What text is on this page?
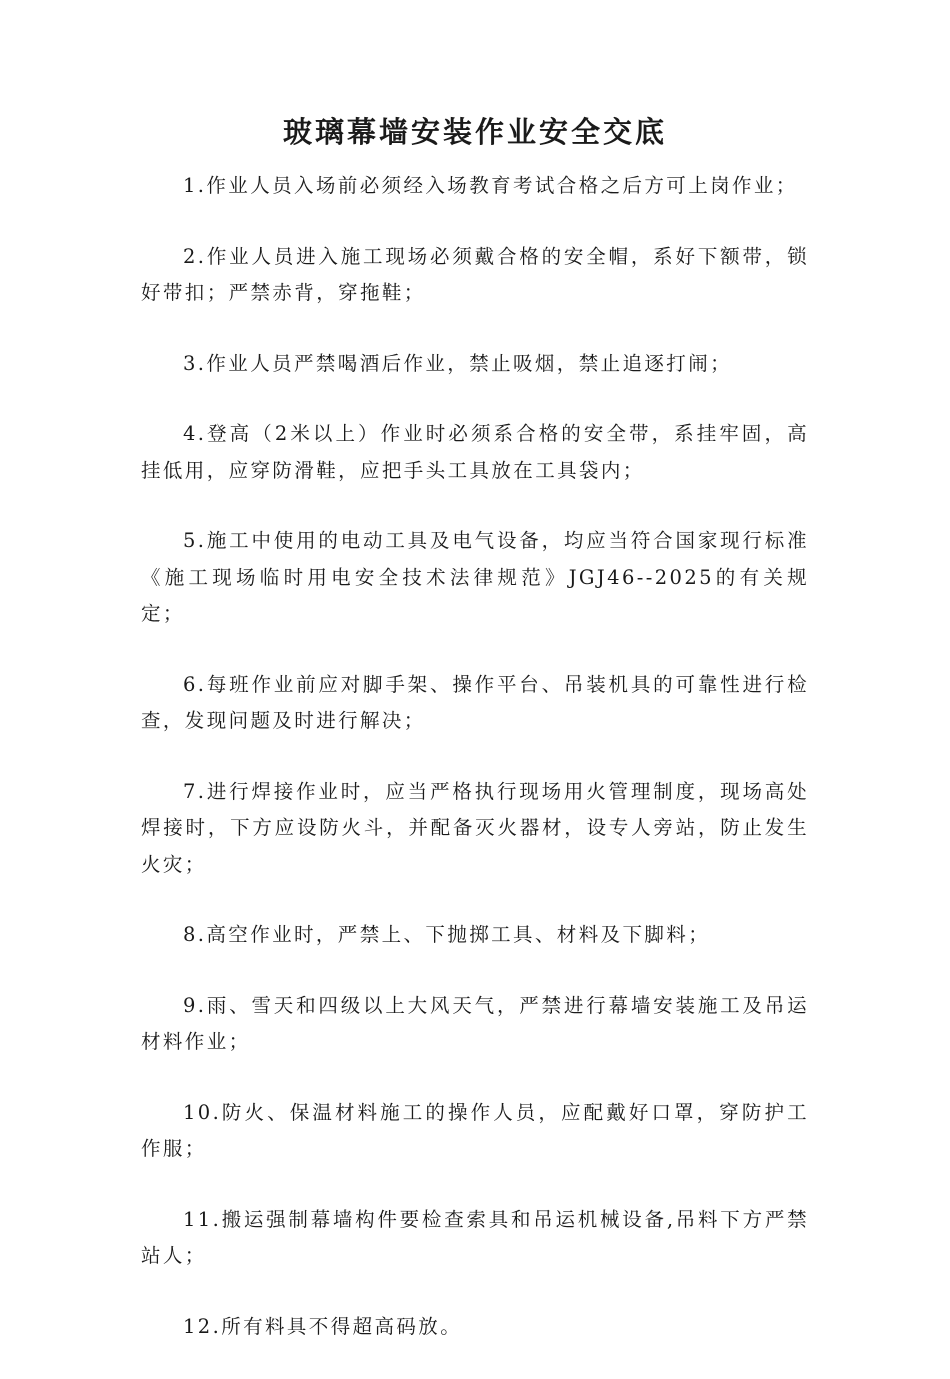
玻璃幕墙安装作业安全交底
1.作业人员入场前必须经入场教育考试合格之后方可上岗作业；
2.作业人员进入施工现场必须戴合格的安全帽，系好下额带，锁好带扣；严禁赤背，穿拖鞋；
3.作业人员严禁喝酒后作业，禁止吸烟，禁止追逐打闹；
4.登高（2米以上）作业时必须系合格的安全带，系挂牢固，高挂低用，应穿防滑鞋，应把手头工具放在工具袋内；
5.施工中使用的电动工具及电气设备，均应当符合国家现行标准《施工现场临时用电安全技术法律规范》JGJ46--2025的有关规定；
6.每班作业前应对脚手架、操作平台、吊装机具的可靠性进行检查，发现问题及时进行解决；
7.进行焊接作业时，应当严格执行现场用火管理制度，现场高处焊接时，下方应设防火斗，并配备灭火器材，设专人旁站，防止发生火灾；
8.高空作业时，严禁上、下抛掷工具、材料及下脚料；
9.雨、雪天和四级以上大风天气，严禁进行幕墙安装施工及吊运材料作业；
10.防火、保温材料施工的操作人员，应配戴好口罩，穿防护工作服；
11.搬运强制幕墙构件要检查索具和吊运机械设备,吊料下方严禁站人；
12.所有料具不得超高码放。
